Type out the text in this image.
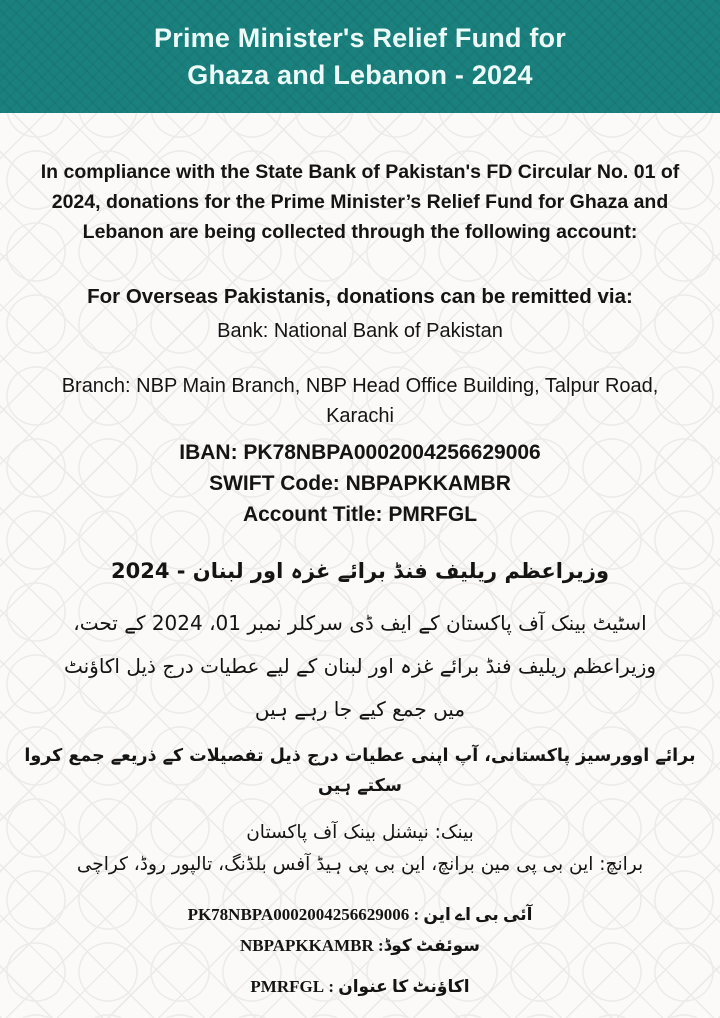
Prime Minister's Relief Fund for
Ghaza and Lebanon - 2024

In compliance with the State Bank of Pakistan's FD Circular No. 01 of 2024, donations for the Prime Minister’s Relief Fund for Ghaza and Lebanon are being collected through the following account:

For Overseas Pakistanis, donations can be remitted via:

Bank: National Bank of Pakistan

Branch: NBP Main Branch, NBP Head Office Building, Talpur Road, Karachi

IBAN: PK78NBPA0002004256629006

SWIFT Code: NBPAPKKAMBR

Account Title: PMRFGL

وزیراعظم ریلیف فنڈ برائے غزہ اور لبنان - 2024

اسٹیٹ بینک آف پاکستان کے ایف ڈی سرکلر نمبر 01، 2024 کے تحت،

وزیراعظم ریلیف فنڈ برائے غزہ اور لبنان کے لیے عطیات درج ذیل اکاؤنٹ

میں جمع کیے جا رہے ہیں

برائے اوورسیز پاکستانی، آپ اپنی عطیات درج ذیل تفصیلات کے ذریعے جمع کروا سکتے ہیں

بینک: نیشنل بینک آف پاکستان

برانچ: این بی پی مین برانچ، این بی پی ہیڈ آفس بلڈنگ، تالپور روڈ، کراچی

آئی بی اے این : PK78NBPA0002004256629006

سوئفٹ کوڈ: NBPAPKKAMBR

اکاؤنٹ کا عنوان : PMRFGL
